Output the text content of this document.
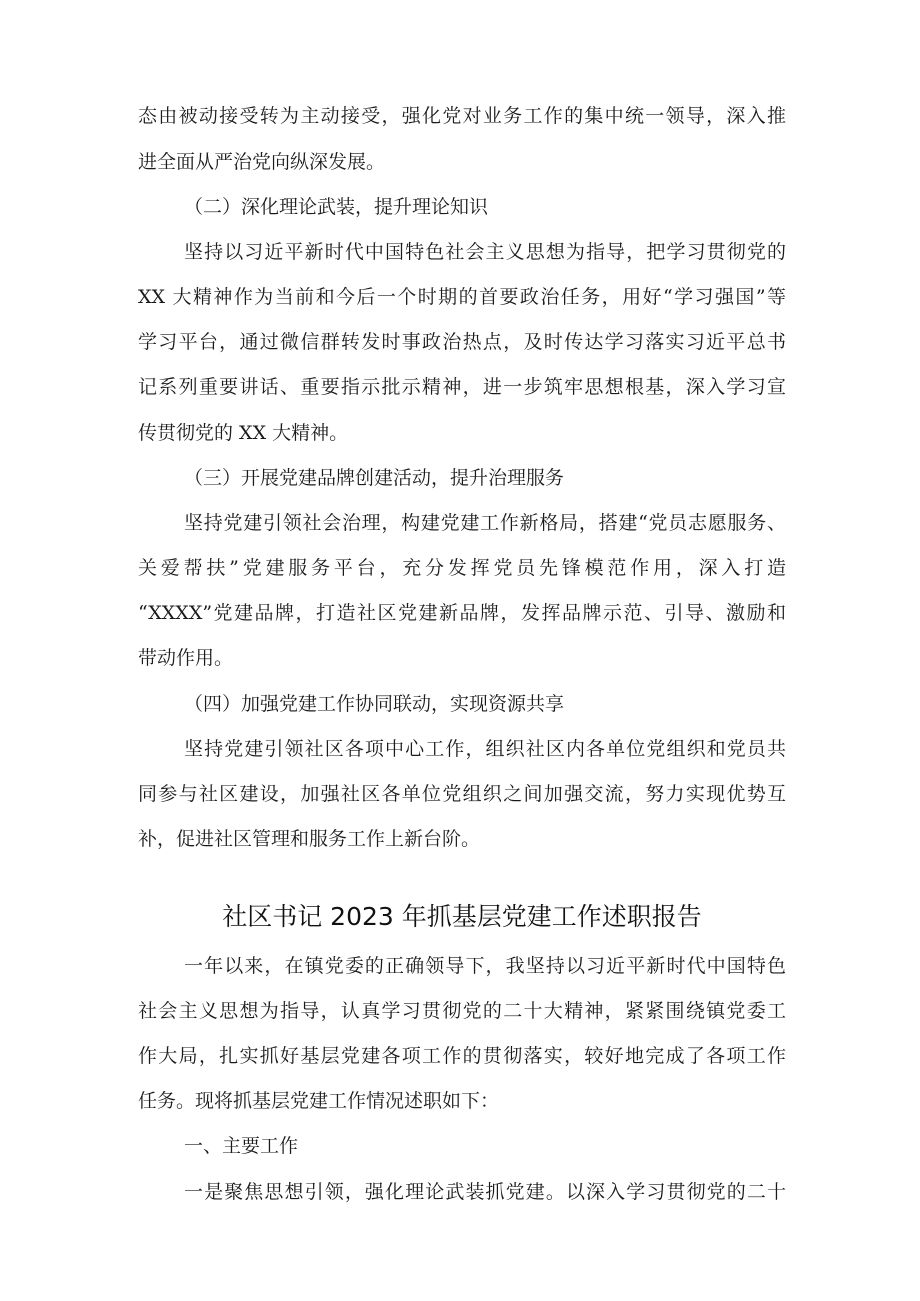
态由被动接受转为主动接受，强化党对业务工作的集中统一领导，深入推
进全面从严治党向纵深发展。
（二）深化理论武装，提升理论知识
坚持以习近平新时代中国特色社会主义思想为指导，把学习贯彻党的
XX 大精神作为当前和今后一个时期的首要政治任务，用好“学习强国”等
学习平台，通过微信群转发时事政治热点，及时传达学习落实习近平总书
记系列重要讲话、重要指示批示精神，进一步筑牢思想根基，深入学习宣
传贯彻党的 XX 大精神。
（三）开展党建品牌创建活动，提升治理服务
坚持党建引领社会治理，构建党建工作新格局，搭建“党员志愿服务、
关爱帮扶”党建服务平台，充分发挥党员先锋模范作用，深入打造
“XXXX”党建品牌，打造社区党建新品牌，发挥品牌示范、引导、激励和
带动作用。
（四）加强党建工作协同联动，实现资源共享
坚持党建引领社区各项中心工作，组织社区内各单位党组织和党员共
同参与社区建设，加强社区各单位党组织之间加强交流，努力实现优势互
补，促进社区管理和服务工作上新台阶。
社区书记 2023 年抓基层党建工作述职报告
一年以来，在镇党委的正确领导下，我坚持以习近平新时代中国特色
社会主义思想为指导，认真学习贯彻党的二十大精神，紧紧围绕镇党委工
作大局，扎实抓好基层党建各项工作的贯彻落实，较好地完成了各项工作
任务。现将抓基层党建工作情况述职如下：
一、主要工作
一是聚焦思想引领，强化理论武装抓党建。以深入学习贯彻党的二十
